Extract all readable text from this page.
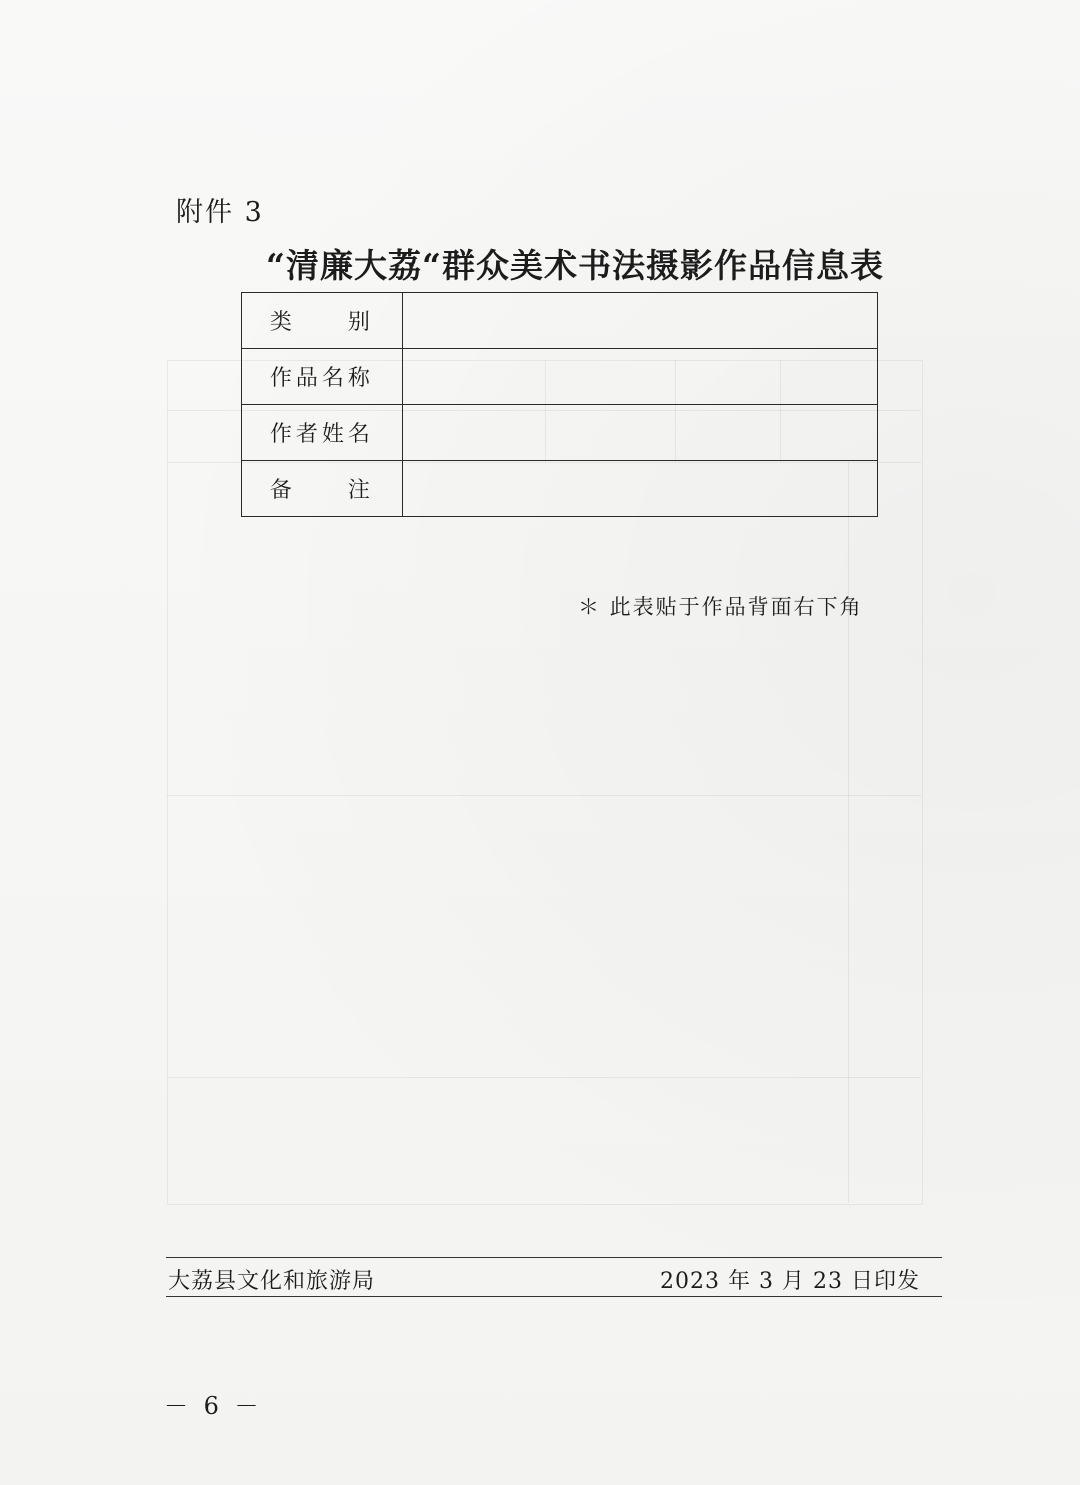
附件 3
“清廉大荔“群众美术书法摄影作品信息表
类　　别	
作品名称	
作者姓名	
备　　注	
＊ 此表贴于作品背面右下角
大荔县文化和旅游局	2023 年 3 月 23 日印发
－ 6 －
